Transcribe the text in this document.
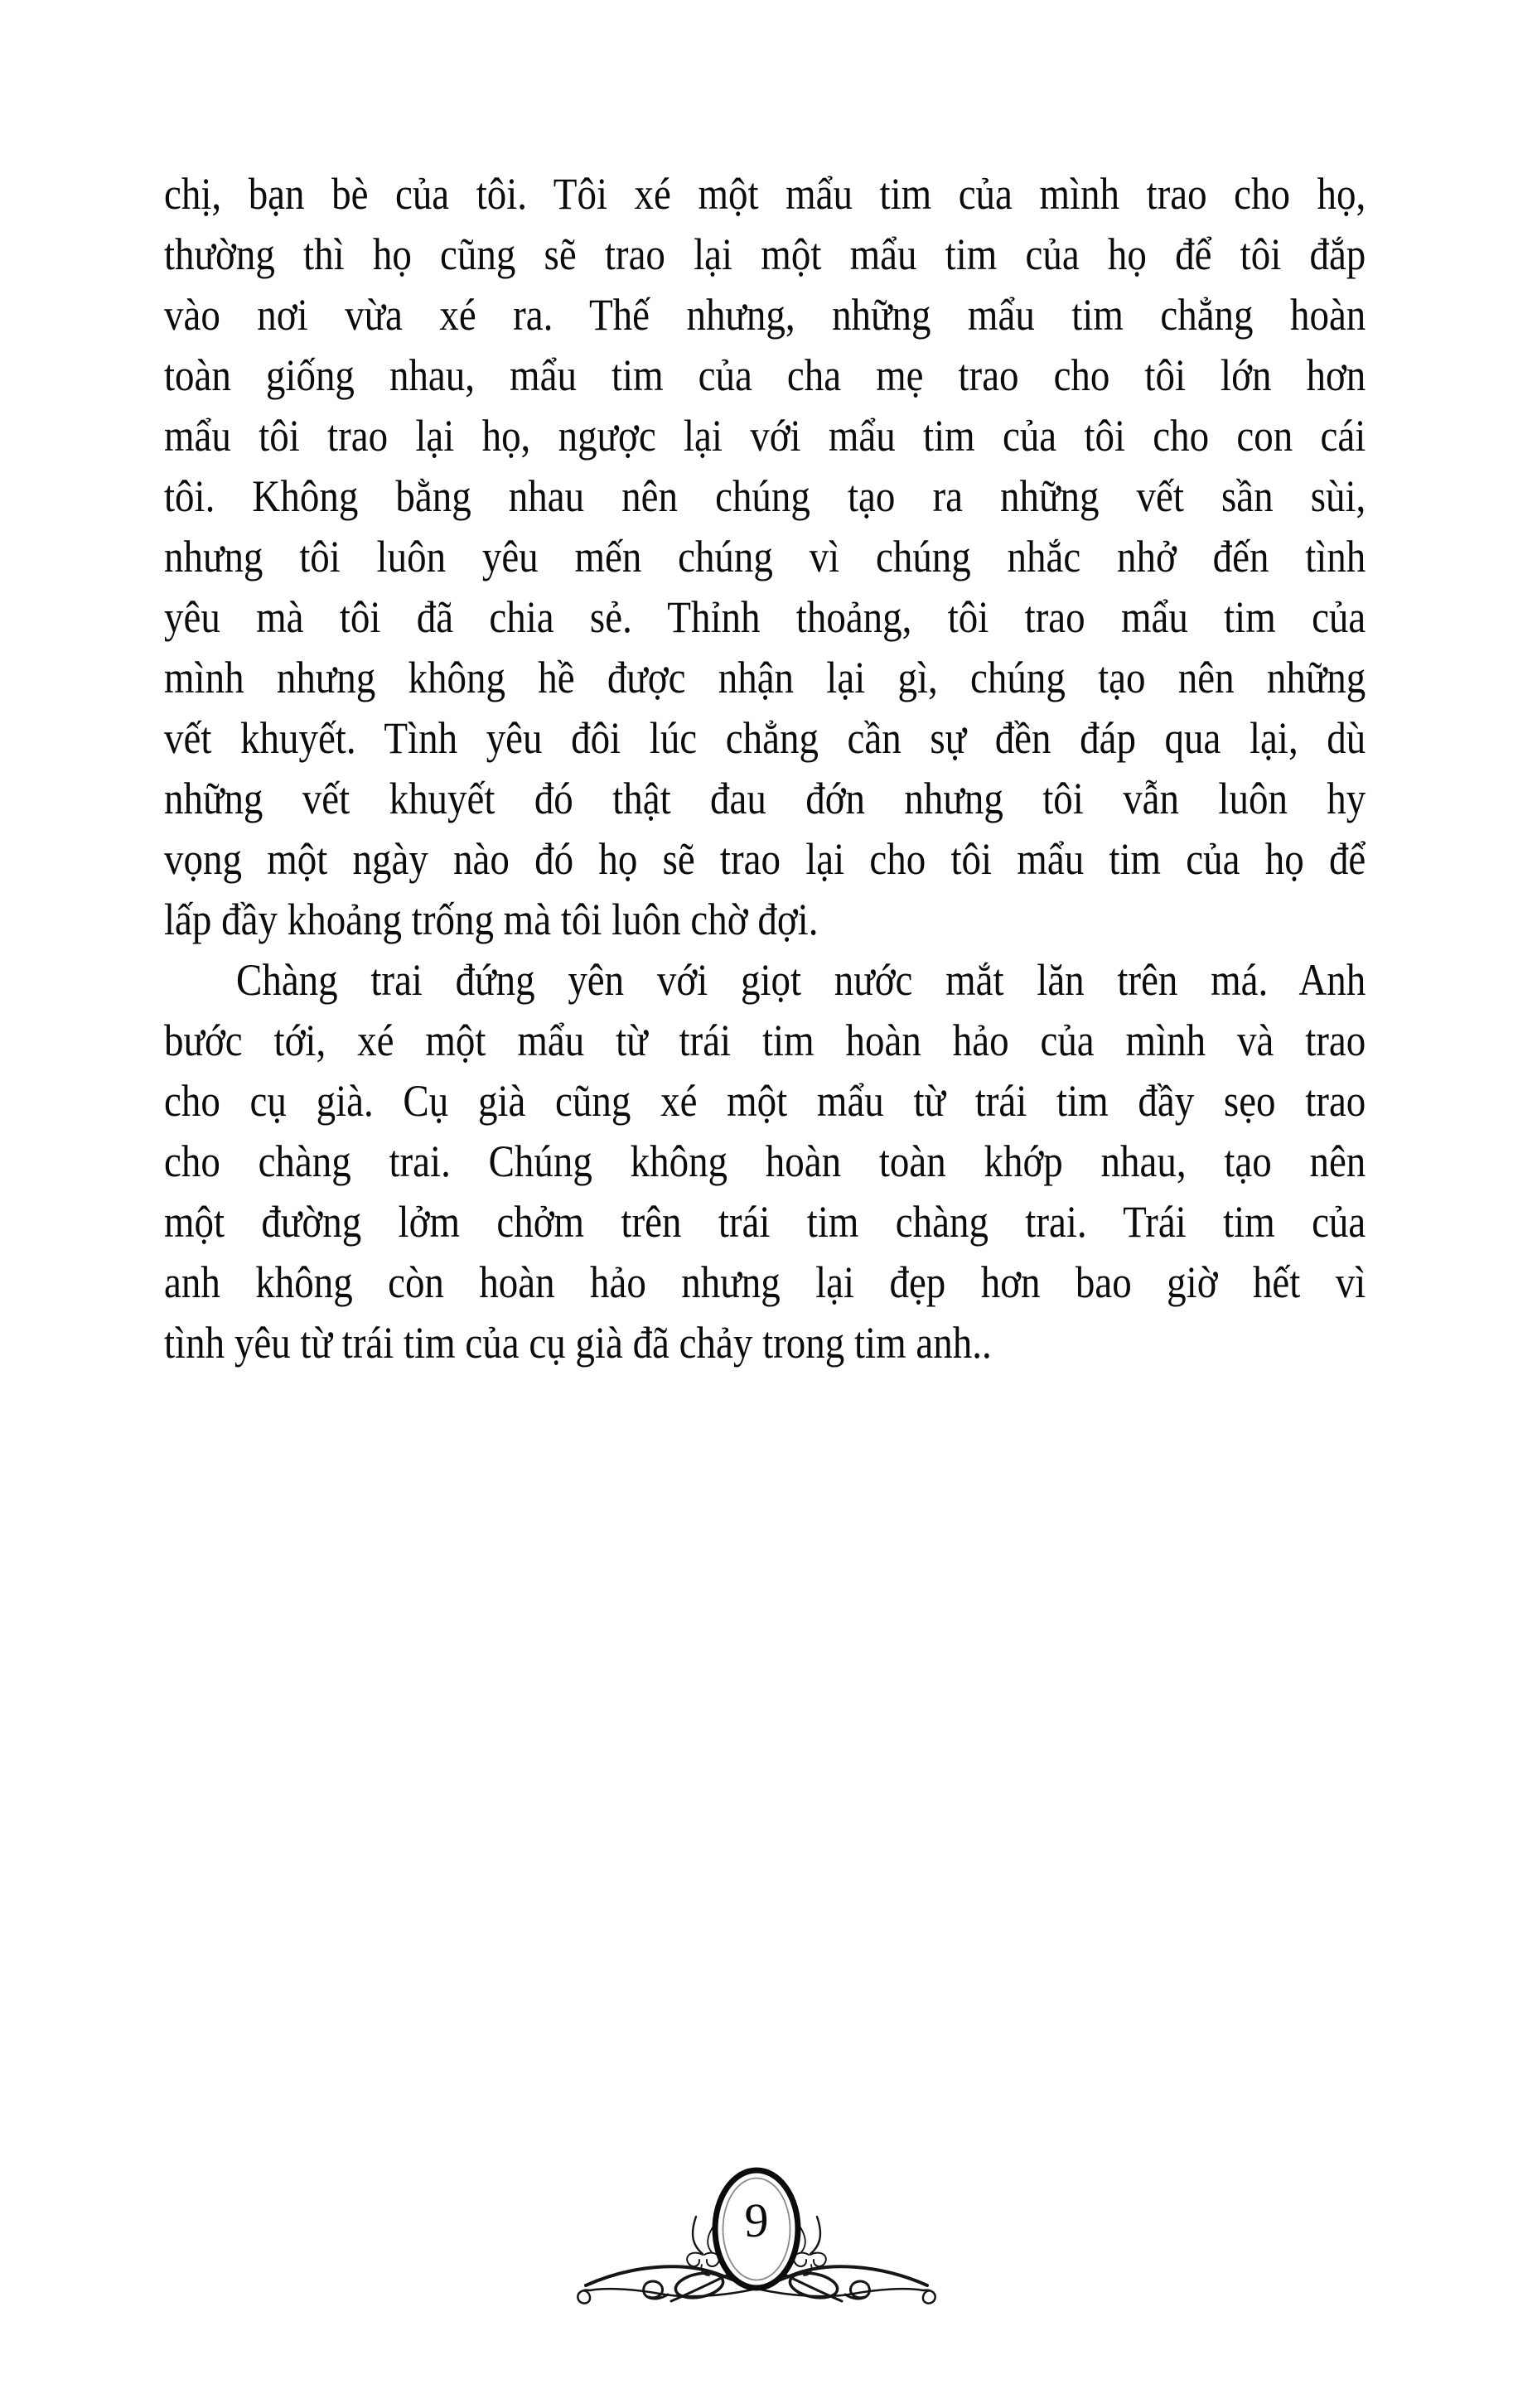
chị, bạn bè của tôi. Tôi xé một mẩu tim của mình trao cho họ,
thường thì họ cũng sẽ trao lại một mẩu tim của họ để tôi đắp
vào nơi vừa xé ra. Thế nhưng, những mẩu tim chẳng hoàn
toàn giống nhau, mẩu tim của cha mẹ trao cho tôi lớn hơn
mẩu tôi trao lại họ, ngược lại với mẩu tim của tôi cho con cái
tôi. Không bằng nhau nên chúng tạo ra những vết sần sùi,
nhưng tôi luôn yêu mến chúng vì chúng nhắc nhở đến tình
yêu mà tôi đã chia sẻ. Thỉnh thoảng, tôi trao mẩu tim của
mình nhưng không hề được nhận lại gì, chúng tạo nên những
vết khuyết. Tình yêu đôi lúc chẳng cần sự đền đáp qua lại, dù
những vết khuyết đó thật đau đớn nhưng tôi vẫn luôn hy
vọng một ngày nào đó họ sẽ trao lại cho tôi mẩu tim của họ để
lấp đầy khoảng trống mà tôi luôn chờ đợi.
Chàng trai đứng yên với giọt nước mắt lăn trên má. Anh
bước tới, xé một mẩu từ trái tim hoàn hảo của mình và trao
cho cụ già. Cụ già cũng xé một mẩu từ trái tim đầy sẹo trao
cho chàng trai. Chúng không hoàn toàn khớp nhau, tạo nên
một đường lởm chởm trên trái tim chàng trai. Trái tim của
anh không còn hoàn hảo nhưng lại đẹp hơn bao giờ hết vì
tình yêu từ trái tim của cụ già đã chảy trong tim anh..
9
